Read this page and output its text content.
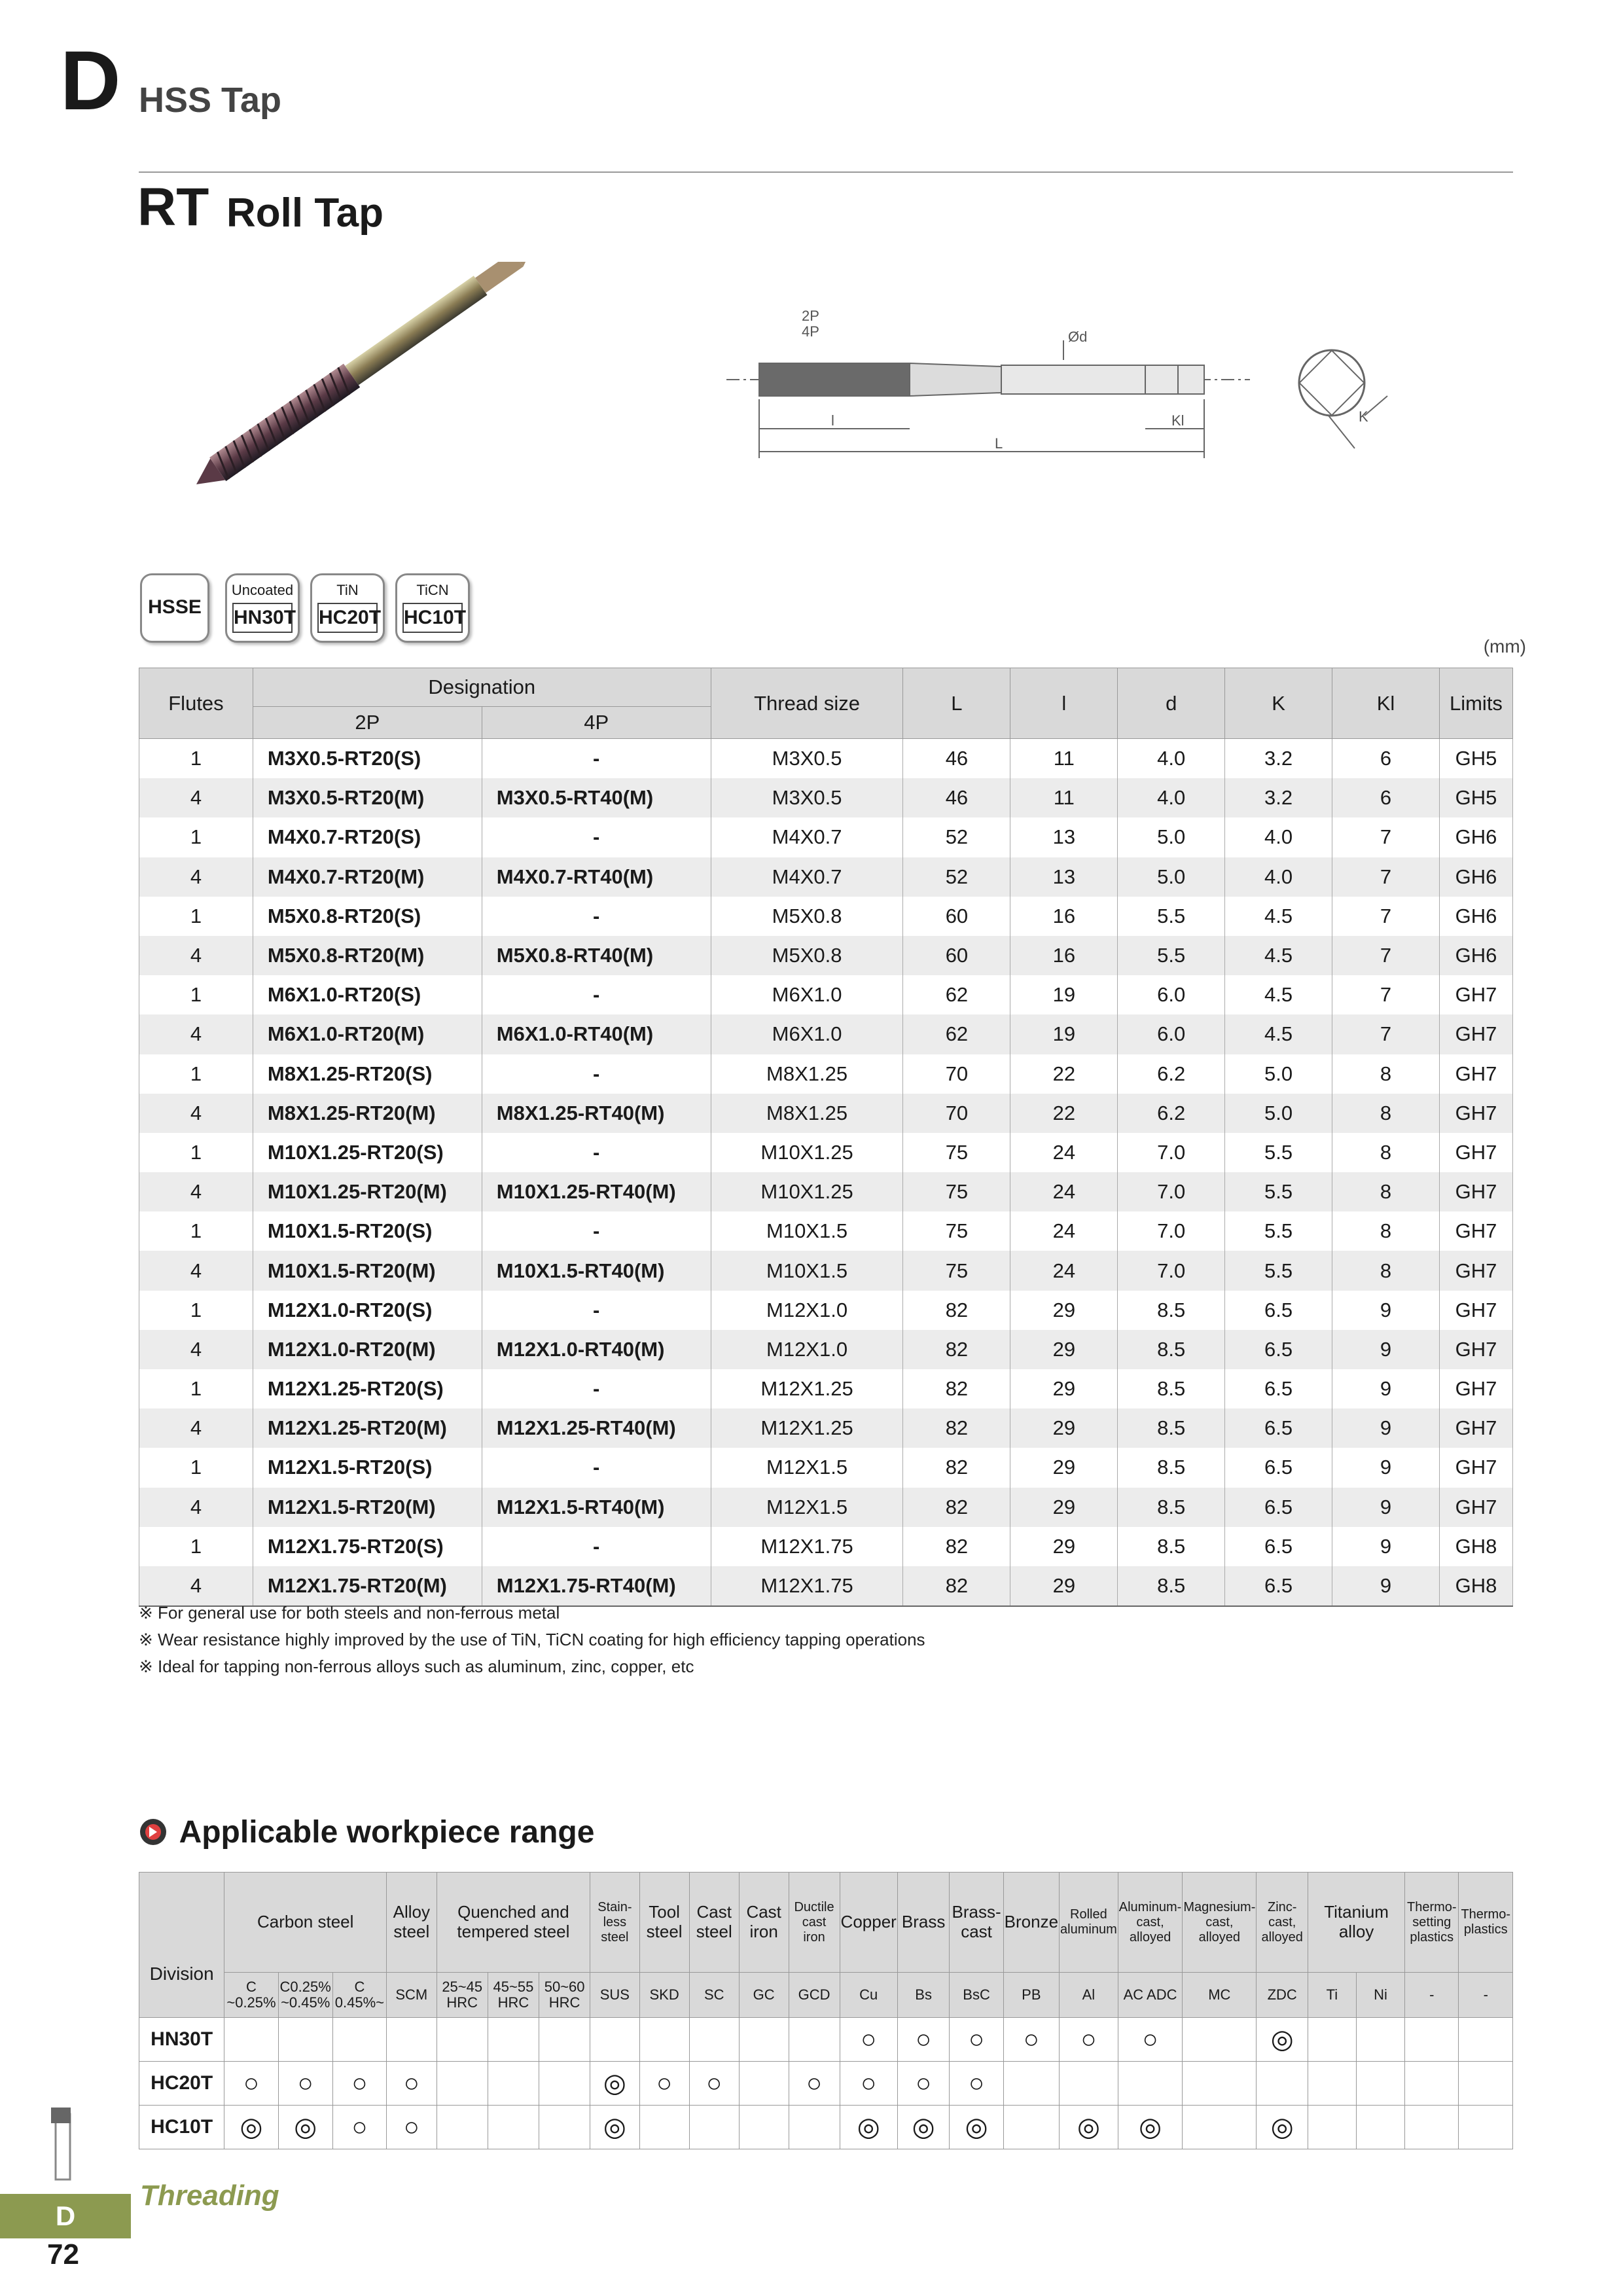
D HSS Tap
RT Roll Tap
2P
4P	Ød
l
L
Kl	K
HSSE
Uncoated
HN30T
TiN
HC20T
TiCN
HC10T
(mm)
Flutes	Designation		Thread size	L	l	d	K	Kl	Limits
	2P	4P							
1	M3X0.5-RT20(S)	-	M3X0.5	46	11	4.0	3.2	6	GH5
4	M3X0.5-RT20(M)	M3X0.5-RT40(M)	M3X0.5	46	11	4.0	3.2	6	GH5
1	M4X0.7-RT20(S)	-	M4X0.7	52	13	5.0	4.0	7	GH6
4	M4X0.7-RT20(M)	M4X0.7-RT40(M)	M4X0.7	52	13	5.0	4.0	7	GH6
1	M5X0.8-RT20(S)	-	M5X0.8	60	16	5.5	4.5	7	GH6
4	M5X0.8-RT20(M)	M5X0.8-RT40(M)	M5X0.8	60	16	5.5	4.5	7	GH6
1	M6X1.0-RT20(S)	-	M6X1.0	62	19	6.0	4.5	7	GH7
4	M6X1.0-RT20(M)	M6X1.0-RT40(M)	M6X1.0	62	19	6.0	4.5	7	GH7
1	M8X1.25-RT20(S)	-	M8X1.25	70	22	6.2	5.0	8	GH7
4	M8X1.25-RT20(M)	M8X1.25-RT40(M)	M8X1.25	70	22	6.2	5.0	8	GH7
1	M10X1.25-RT20(S)	-	M10X1.25	75	24	7.0	5.5	8	GH7
4	M10X1.25-RT20(M)	M10X1.25-RT40(M)	M10X1.25	75	24	7.0	5.5	8	GH7
1	M10X1.5-RT20(S)	-	M10X1.5	75	24	7.0	5.5	8	GH7
4	M10X1.5-RT20(M)	M10X1.5-RT40(M)	M10X1.5	75	24	7.0	5.5	8	GH7
1	M12X1.0-RT20(S)	-	M12X1.0	82	29	8.5	6.5	9	GH7
4	M12X1.0-RT20(M)	M12X1.0-RT40(M)	M12X1.0	82	29	8.5	6.5	9	GH7
1	M12X1.25-RT20(S)	-	M12X1.25	82	29	8.5	6.5	9	GH7
4	M12X1.25-RT20(M)	M12X1.25-RT40(M)	M12X1.25	82	29	8.5	6.5	9	GH7
1	M12X1.5-RT20(S)	-	M12X1.5	82	29	8.5	6.5	9	GH7
4	M12X1.5-RT20(M)	M12X1.5-RT40(M)	M12X1.5	82	29	8.5	6.5	9	GH7
1	M12X1.75-RT20(S)	-	M12X1.75	82	29	8.5	6.5	9	GH8
4	M12X1.75-RT20(M)	M12X1.75-RT40(M)	M12X1.75	82	29	8.5	6.5	9	GH8
※ For general use for both steels and non-ferrous metal
※ Wear resistance highly improved by the use of TiN, TiCN coating for high efficiency tapping operations
※ Ideal for tapping non-ferrous alloys such as aluminum, zinc, copper, etc
Applicable workpiece range
Division	Carbon steel			Alloy steel	Quenched and tempered steel			Stain-less steel	Tool steel	Cast steel	Cast iron	Ductile cast iron	Copper	Brass	Brass-cast	Bronze	Rolled aluminum	Aluminum-cast, alloyed	Magnesium-cast, alloyed	Zinc-cast, alloyed	Titanium alloy		Thermo-setting plastics	Thermo-plastics
	C ~0.25%	C0.25% ~0.45%	C 0.45%~	SCM	25~45 HRC	45~55 HRC	50~60 HRC	SUS	SKD	SC	GC	GCD	Cu	Bs	BsC	PB	Al	AC ADC	MC	ZDC	Ti	Ni	-	-
HN30T													○	○	○	○	○	○		◎				
HC20T	○	○	○	○				◎	○	○		○	○	○	○									
HC10T	◎	◎	○	○				◎					◎	◎	◎		◎	◎		◎				
D
Threading
72
